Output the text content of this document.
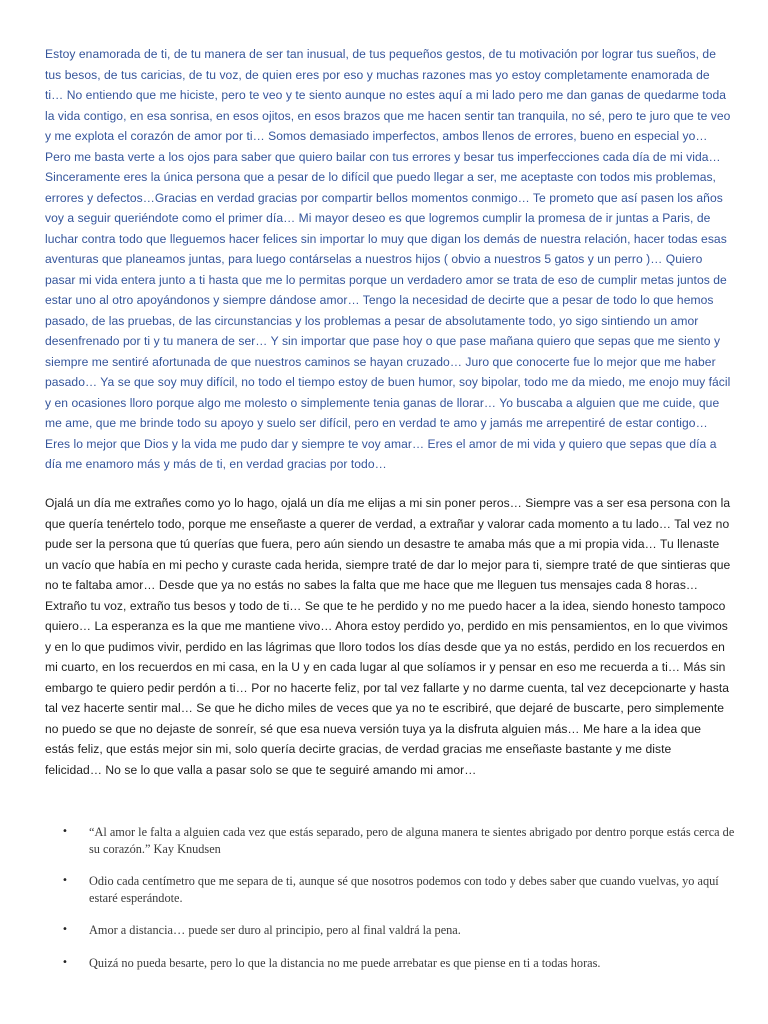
Estoy enamorada de ti, de tu manera de ser tan inusual, de tus pequeños gestos, de tu motivación por lograr tus sueños, de tus besos, de tus caricias, de tu voz, de quien eres por eso y muchas razones mas yo estoy completamente enamorada de ti… No entiendo que me hiciste, pero te veo y te siento aunque no estes aquí a mi lado pero me dan ganas de quedarme toda la vida contigo, en esa sonrisa, en esos ojitos, en esos brazos que me hacen sentir tan tranquila, no sé, pero te juro que te veo y me explota el corazón de amor por ti… Somos demasiado imperfectos, ambos llenos de errores, bueno en especial yo… Pero me basta verte a los ojos para saber que quiero bailar con tus errores y besar tus imperfecciones cada día de mi vida… Sinceramente eres la única persona que a pesar de lo difícil que puedo llegar a ser, me aceptaste con todos mis problemas, errores y defectos…Gracias en verdad gracias por compartir bellos momentos conmigo… Te prometo que así pasen los años voy a seguir queriéndote como el primer día… Mi mayor deseo es que logremos cumplir la promesa de ir juntas a Paris, de luchar contra todo que lleguemos hacer felices sin importar lo muy que digan los demás de nuestra relación, hacer todas esas aventuras que planeamos juntas, para luego contárselas a nuestros hijos ( obvio a nuestros 5 gatos y un perro )… Quiero pasar mi vida entera junto a ti hasta que me lo permitas porque un verdadero amor se trata de eso de cumplir metas juntos de estar uno al otro apoyándonos y siempre dándose amor… Tengo la necesidad de decirte que a pesar de todo lo que hemos pasado, de las pruebas, de las circunstancias y los problemas a pesar de absolutamente todo, yo sigo sintiendo un amor desenfrenado por ti y tu manera de ser… Y sin importar que pase hoy o que pase mañana quiero que sepas que me siento y siempre me sentiré afortunada de que nuestros caminos se hayan cruzado… Juro que conocerte fue lo mejor que me haber pasado… Ya se que soy muy difícil, no todo el tiempo estoy de buen humor, soy bipolar, todo me da miedo, me enojo muy fácil y en ocasiones lloro porque algo me molesto o simplemente tenia ganas de llorar… Yo buscaba a alguien que me cuide, que me ame, que me brinde todo su apoyo y suelo ser difícil, pero en verdad te amo y jamás me arrepentiré de estar contigo… Eres lo mejor que Dios y la vida me pudo dar y siempre te voy amar… Eres el amor de mi vida y quiero que sepas que día a día me enamoro más y más de ti, en verdad gracias por todo…

Ojalá un día me extrañes como yo lo hago, ojalá un día me elijas a mi sin poner peros… Siempre vas a ser esa persona con la que quería tenértelo todo, porque me enseñaste a querer de verdad, a extrañar y valorar cada momento a tu lado… Tal vez no pude ser la persona que tú querías que fuera, pero aún siendo un desastre te amaba más que a mi propia vida… Tu llenaste un vacío que había en mi pecho y curaste cada herida, siempre traté de dar lo mejor para ti, siempre traté de que sintieras que no te faltaba amor… Desde que ya no estás no sabes la falta que me hace que me lleguen tus mensajes cada 8 horas… Extraño tu voz, extraño tus besos y todo de ti… Se que te he perdido y no me puedo hacer a la idea, siendo honesto tampoco quiero… La esperanza es la que me mantiene vivo… Ahora estoy perdido yo, perdido en mis pensamientos, en lo que vivimos y en lo que pudimos vivir, perdido en las lágrimas que lloro todos los días desde que ya no estás, perdido en los recuerdos en mi cuarto, en los recuerdos en mi casa, en la U y en cada lugar al que solíamos ir y pensar en eso me recuerda a ti… Más sin embargo te quiero pedir perdón a ti… Por no hacerte feliz, por tal vez fallarte y no darme cuenta, tal vez decepcionarte y hasta tal vez hacerte sentir mal… Se que he dicho miles de veces que ya no te escribiré, que dejaré de buscarte, pero simplemente no puedo se que no dejaste de sonreír, sé que esa nueva versión tuya ya la disfruta alguien más… Me hare a la idea que estás feliz, que estás mejor sin mi, solo quería decirte gracias, de verdad gracias me enseñaste bastante y me diste felicidad… No se lo que valla a pasar solo se que te seguiré amando mi amor…

• “Al amor le falta a alguien cada vez que estás separado, pero de alguna manera te sientes abrigado por dentro porque estás cerca de su corazón.” Kay Knudsen
• Odio cada centímetro que me separa de ti, aunque sé que nosotros podemos con todo y debes saber que cuando vuelvas, yo aquí estaré esperándote.
• Amor a distancia… puede ser duro al principio, pero al final valdrá la pena.
• Quizá no pueda besarte, pero lo que la distancia no me puede arrebatar es que piense en ti a todas horas.
